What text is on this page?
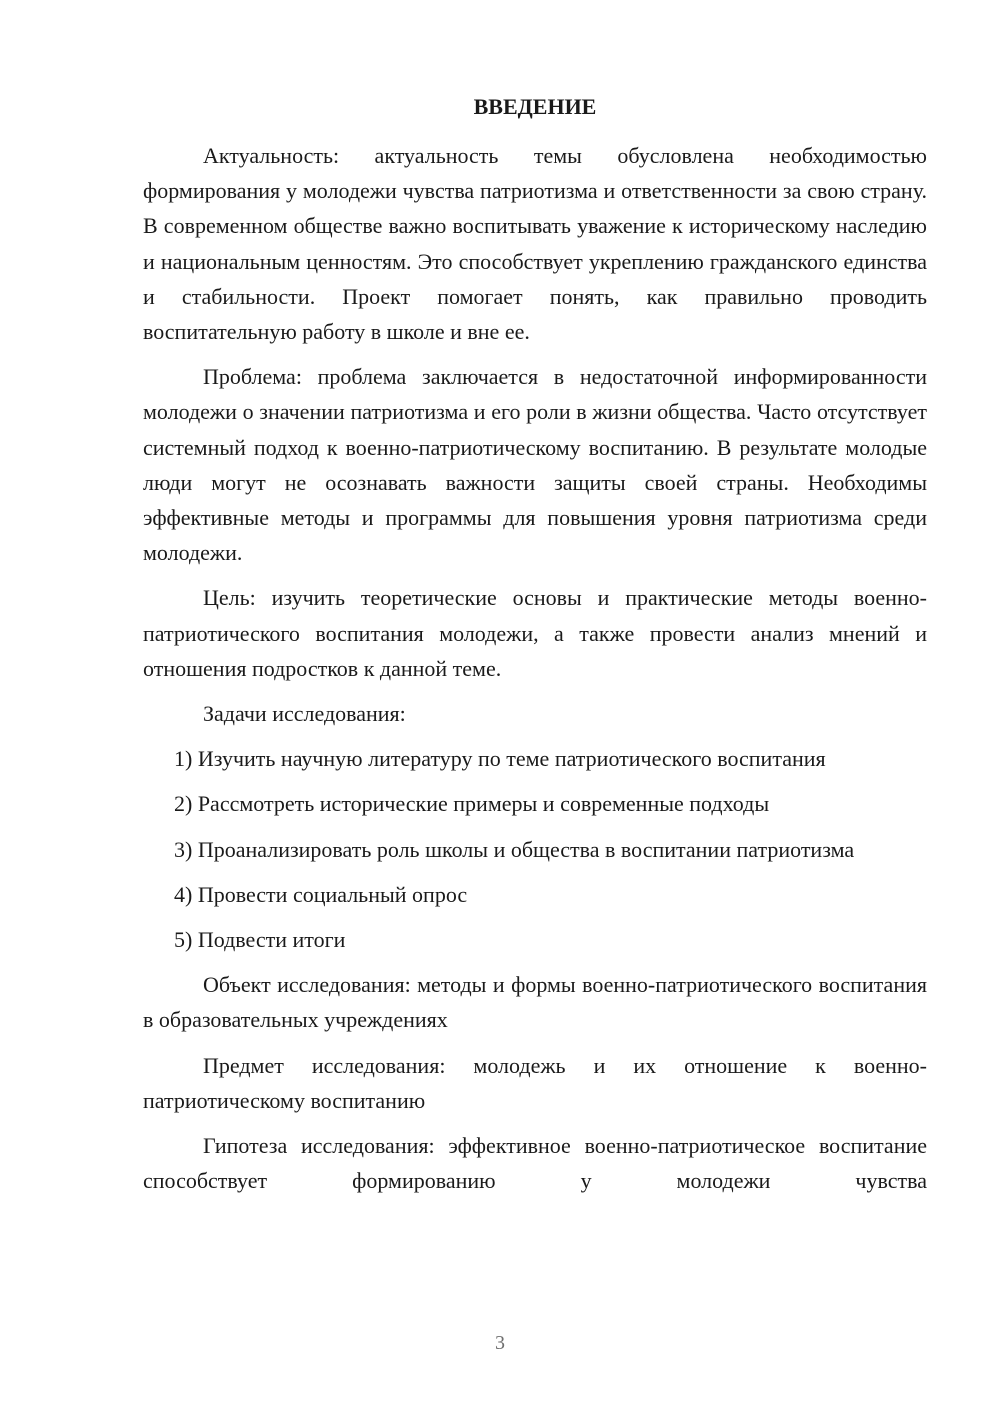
ВВЕДЕНИЕ

Актуальность: актуальность темы обусловлена необходимостью формирования у молодежи чувства патриотизма и ответственности за свою страну. В современном обществе важно воспитывать уважение к историческому наследию и национальным ценностям. Это способствует укреплению гражданского единства и стабильности. Проект помогает понять, как правильно проводить воспитательную работу в школе и вне ее.

Проблема: проблема заключается в недостаточной информированности молодежи о значении патриотизма и его роли в жизни общества. Часто отсутствует системный подход к военно-патриотическому воспитанию. В результате молодые люди могут не осознавать важности защиты своей страны. Необходимы эффективные методы и программы для повышения уровня патриотизма среди молодежи.

Цель: изучить теоретические основы и практические методы военно-патриотического воспитания молодежи, а также провести анализ мнений и отношения подростков к данной теме.

Задачи исследования:

1) Изучить научную литературу по теме патриотического воспитания

2) Рассмотреть исторические примеры и современные подходы

3) Проанализировать роль школы и общества в воспитании патриотизма

4) Провести социальный опрос

5) Подвести итоги

Объект исследования: методы и формы военно-патриотического воспитания в образовательных учреждениях

Предмет исследования: молодежь и их отношение к военно-патриотическому воспитанию

Гипотеза исследования: эффективное военно-патриотическое воспитание способствует формированию у молодежи чувства

3
